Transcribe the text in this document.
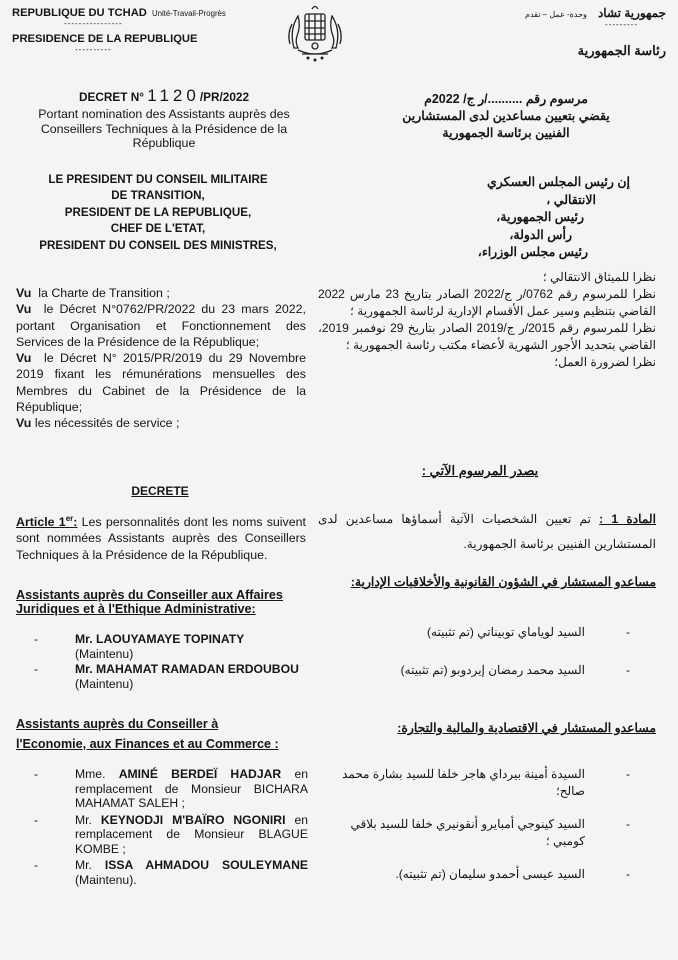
REPUBLIQUE DU TCHAD Unité-Travail-Progrès
----------------
PRESIDENCE DE LA REPUBLIQUE
----------
جمهورية تشاد وحدة- عمل – تقدم
---------
رئاسة الجمهورية
DECRET N° 1120/PR/2022
Portant nomination des Assistants auprès des Conseillers Techniques à la Présidence de la République
مرسوم رقم ........../ر ج/ 2022م
يقضي بتعيين مساعدين لدى المستشارين
الفنيين برئاسة الجمهورية
LE PRESIDENT DU CONSEIL MILITAIRE
DE TRANSITION,
PRESIDENT DE LA REPUBLIQUE,
CHEF DE L'ETAT,
PRESIDENT DU CONSEIL DES MINISTRES,
إن رئيس المجلس العسكري
الانتقالي ،
رئيس الجمهورية،
رأس الدولة،
رئيس مجلس الوزراء،
Vu la Charte de Transition ;
Vu le Décret N°0762/PR/2022 du 23 mars 2022, portant Organisation et Fonctionnement des Services de la Présidence de la République;
Vu le Décret N° 2015/PR/2019 du 29 Novembre 2019 fixant les rémunérations mensuelles des Membres du Cabinet de la Présidence de la République;
Vu les nécessités de service ;
نظرا للميثاق الانتقالي ؛
نظرا للمرسوم رقم 0762/ر ج/2022 الصادر بتاريخ 23 مارس 2022 القاضي بتنظيم وسير عمل الأقسام الإدارية لرئاسة الجمهورية ؛
نظرا للمرسوم رقم 2015/ر ج/2019 الصادر بتاريخ 29 نوفمبر 2019، القاضي بتحديد الأجور الشهرية لأعضاء مكتب رئاسة الجمهورية ؛
نظرا لضرورة العمل؛
DECRETE
يصدر المرسوم الآتي :
Article 1er: Les personnalités dont les noms suivent sont nommées Assistants auprès des Conseillers Techniques à la Présidence de la République.
المادة 1 : تم تعيين الشخصيات الآتية أسماؤها مساعدين لدى المستشارين الفنيين برئاسة الجمهورية.
Assistants auprès du Conseiller aux Affaires Juridiques et à l'Ethique Administrative:
-	Mr. LAOUYAMAYE TOPINATY
(Maintenu)
-	Mr. MAHAMAT RAMADAN ERDOUBOU
(Maintenu)
مساعدو المستشار في الشؤون القانونية والأخلاقيات الإدارية:
-
السيد لوياماي توبيناتي (تم تثبيته)
-
السيد محمد رمضان إيردوبو (تم تثبيته)
Assistants auprès du Conseiller à
l'Economie, aux Finances et au Commerce :
-	Mme. AMINÉ BERDEÏ HADJAR en remplacement de Monsieur BICHARA MAHAMAT SALEH ;
-	Mr. KEYNODJI M'BAÏRO NGONIRI en remplacement de Monsieur BLAGUE KOMBE ;
-	Mr. ISSA AHMADOU SOULEYMANE (Maintenu).
مساعدو المستشار في الاقتصادية والمالية والتجارة:
-
السيدة أمينة بيرداي هاجر خلفا للسيد بشارة محمد صالح؛
-
السيد كينوجي أمبايرو أنقونيري خلفا للسيد بلاقي كومبي ؛
-
السيد عيسى أحمدو سليمان (تم تثبيته).
